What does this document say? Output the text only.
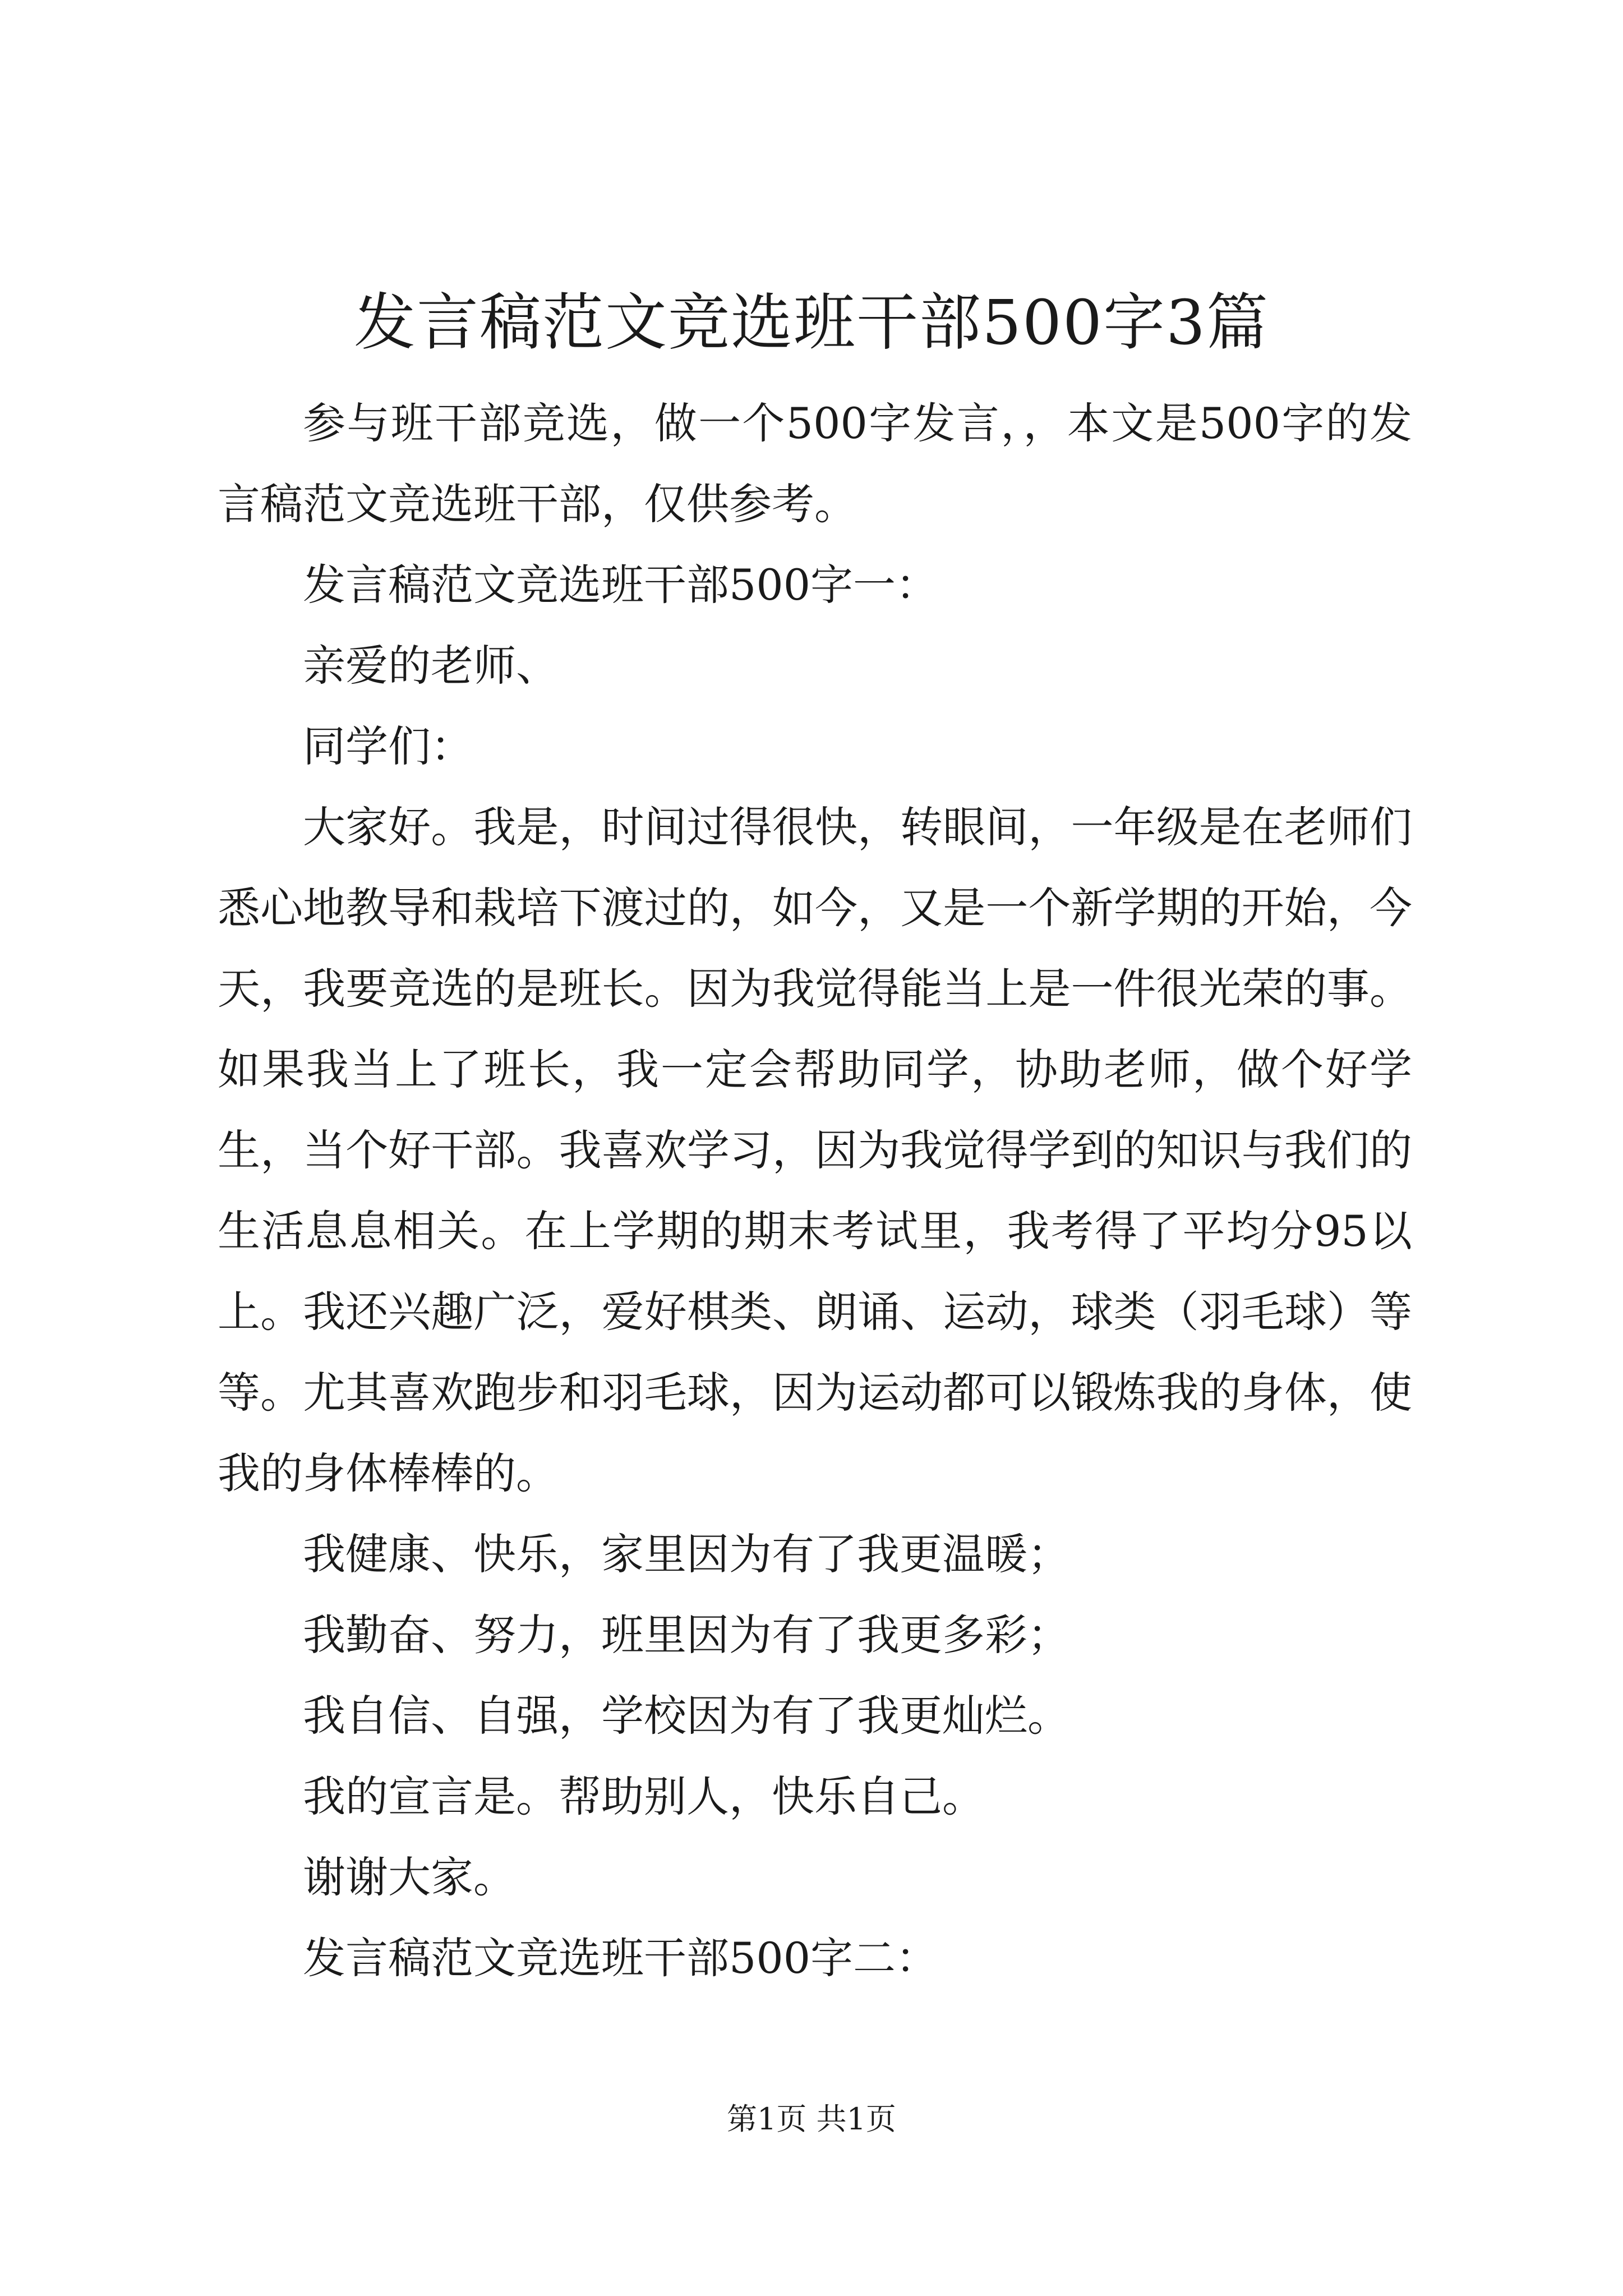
发言稿范文竞选班干部500字3篇

参与班干部竞选，做一个500字发言，，本文是500字的发言稿范文竞选班干部，仅供参考。

发言稿范文竞选班干部500字一：

亲爱的老师、

同学们：

大家好。我是，时间过得很快，转眼间，一年级是在老师们悉心地教导和栽培下渡过的，如今，又是一个新学期的开始，今天，我要竞选的是班长。因为我觉得能当上是一件很光荣的事。如果我当上了班长，我一定会帮助同学，协助老师，做个好学生，当个好干部。我喜欢学习，因为我觉得学到的知识与我们的生活息息相关。在上学期的期末考试里，我考得了平均分95以上。我还兴趣广泛，爱好棋类、朗诵、运动，球类（羽毛球）等等。尤其喜欢跑步和羽毛球，因为运动都可以锻炼我的身体，使我的身体棒棒的。

我健康、快乐，家里因为有了我更温暖；

我勤奋、努力，班里因为有了我更多彩；

我自信、自强，学校因为有了我更灿烂。

我的宣言是。帮助别人，快乐自己。

谢谢大家。

发言稿范文竞选班干部500字二：

第1页 共1页
